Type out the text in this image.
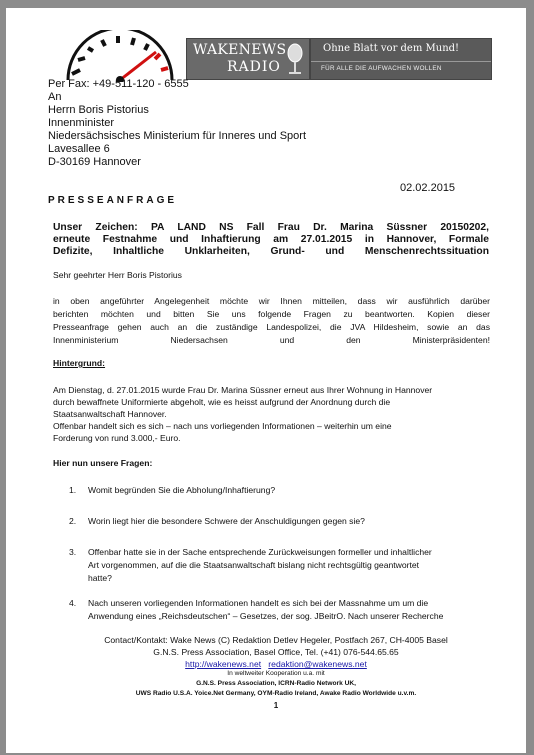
WAKENEWS
RADIO
Ohne Blatt vor dem Mund!
FÜR ALLE DIE AUFWACHEN WOLLEN
Per Fax: +49-511-120 - 6555
An
Herrn Boris Pistorius
Innenminister
Niedersächsisches Ministerium für Inneres und Sport
Lavesallee 6
D-30169 Hannover
02.02.2015
PRESSEANFRAGE
Unser Zeichen: PA LAND NS Fall Frau Dr. Marina Süssner 20150202,
erneute Festnahme und Inhaftierung am 27.01.2015 in Hannover, Formale
Defizite, Inhaltliche Unklarheiten, Grund- und Menschenrechtssituation
Sehr geehrter Herr Boris Pistorius
in oben angeführter Angelegenheit möchte wir Ihnen mitteilen, dass wir ausführlich darüber
berichten möchten und bitten Sie uns folgende Fragen zu beantworten. Kopien dieser
Presseanfrage gehen auch an die zuständige Landespolizei, die JVA Hildesheim, sowie an das
Innenministerium Niedersachsen und den Ministerpräsidenten!
Hintergrund:
Am Dienstag, d. 27.01.2015 wurde Frau Dr. Marina Süssner erneut aus Ihrer Wohnung in Hannover
durch bewaffnete Uniformierte abgeholt, wie es heisst aufgrund der Anordnung durch die
Staatsanwaltschaft Hannover.
Offenbar handelt sich es sich – nach uns vorliegenden Informationen – weiterhin um eine
Forderung von rund 3.000,- Euro.
Hier nun unsere Fragen:
1. Womit begründen Sie die Abholung/Inhaftierung?
2. Worin liegt hier die besondere Schwere der Anschuldigungen gegen sie?
3. Offenbar hatte sie in der Sache entsprechende Zurückweisungen formeller und inhaltlicher
Art vorgenommen, auf die die Staatsanwaltschaft bislang nicht rechtsgültig geantwortet
hatte?
4. Nach unseren vorliegenden Informationen handelt es sich bei der Massnahme um um die
Anwendung eines „Reichsdeutschen“ – Gesetzes, der sog. JBeitrO. Nach unserer Recherche
Contact/Kontakt: Wake News (C) Redaktion Detlev Hegeler, Postfach 267, CH-4005 Basel
G.N.S. Press Association, Basel Office, Tel. (+41) 076-544.65.65
http://wakenews.net redaktion@wakenews.net
In weltweiter Kooperation u.a. mit
G.N.S. Press Association, ICRN-Radio Network UK,
UWS Radio U.S.A. Yoice.Net Germany, OYM-Radio Ireland, Awake Radio Worldwide u.v.m.
1
